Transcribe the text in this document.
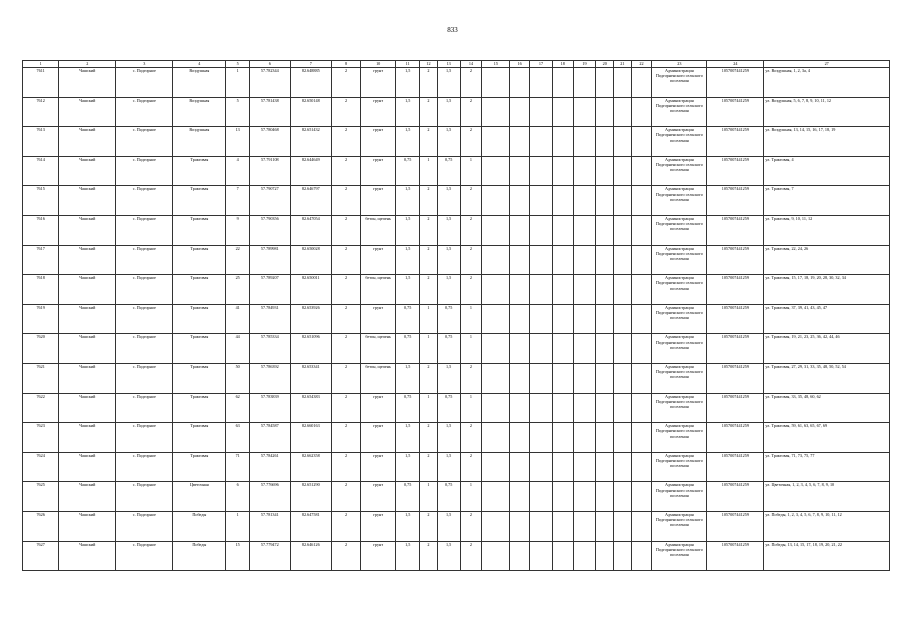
833
1	2	3	4	5	6	7	8	10	11	12	13	14	15	16	17	18	19	20	21	22	23	24	27
7611	Чашский	с. Подгорное	Воздушная	1	57.782344	82.648885	2	грунт	1,5	2	1,5	2									Администрация Подгорненского сельского поселения	1057007441259	ул. Воздушная, 1, 2, 3а, 4
7612	Чашский	с. Подгорное	Воздушная	5	57.781438	82.650148	2	грунт	1,5	2	1,5	2									Администрация Подгорненского сельского поселения	1057007441259	ул. Воздушная, 5, 6, 7, 8, 9, 10, 11, 12
7613	Чашский	с. Подгорное	Воздушная	13	57.780468	82.651432	2	грунт	1,5	2	1,5	2									Администрация Подгорненского сельского поселения	1057007441259	ул. Воздушная, 13, 14, 15, 16, 17, 18, 19
7614	Чашский	с. Подгорное	Трактовая	4	57.791108	82.644649	2	грунт	0,75	1	0,75	1									Администрация Подгорненского сельского поселения	1057007441259	ул. Трактовая, 4
7615	Чашский	с. Подгорное	Трактовая	7	57.790727	82.646797	2	грунт	1,5	2	1,5	2									Администрация Подгорненского сельского поселения	1057007441259	ул. Трактовая, 7
7616	Чашский	с. Подгорное	Трактовая	9	57.790356	82.647054	2	бетон, щепень	1,5	2	1,5	2									Администрация Подгорненского сельского поселения	1057007441259	ул. Трактовая, 9, 10, 11, 12
7617	Чашский	с. Подгорное	Трактовая	22	57.789981	82.650028	2	грунт	1,5	2	1,5	2									Администрация Подгорненского сельского поселения	1057007441259	ул. Трактовая, 22, 24, 26
7618	Чашский	с. Подгорное	Трактовая	25	57.789207	82.650011	2	бетон, щепень	1,5	2	1,5	2									Администрация Подгорненского сельского поселения	1057007441259	ул. Трактовая, 15, 17, 18, 19, 20, 28, 30, 32, 34
7619	Чашский	с. Подгорное	Трактовая	41	57.784931	82.653926	2	грунт	0,75	1	0,75	1									Администрация Подгорненского сельского поселения	1057007441259	ул. Трактовая, 37, 39, 41, 43, 45, 47
7620	Чашский	с. Подгорное	Трактовая	44	57.785334	82.651096	2	бетон, щепень	0,75	1	0,75	1									Администрация Подгорненского сельского поселения	1057007441259	ул. Трактовая, 19, 21, 23, 25, 36, 42, 44, 46
7621	Чашский	с. Подгорное	Трактовая	50	57.786392	82.653341	2	бетон, щепень	1,5	2	1,5	2									Администрация Подгорненского сельского поселения	1057007441259	ул. Трактовая, 27, 29, 31, 33, 35, 48, 50, 52, 54
7622	Чашский	с. Подгорное	Трактовая	62	57.783839	82.654383	2	грунт	0,75	1	0,75	1									Администрация Подгорненского сельского поселения	1057007441259	ул. Трактовая, 33, 35, 48, 60, 62
7623	Чашский	с. Подгорное	Трактовая	63	57.784587	82.660163	2	грунт	1,5	2	1,5	2									Администрация Подгорненского сельского поселения	1057007441259	ул. Трактовая, 59, 61, 63, 65, 67, 69
7624	Чашский	с. Подгорное	Трактовая	71	57.784261	82.662358	2	грунт	1,5	2	1,5	2									Администрация Подгорненского сельского поселения	1057007441259	ул. Трактовая, 71, 73, 75, 77
7625	Чашский	с. Подгорное	Цветочная	6	57.776696	82.651290	2	грунт	0,75	1	0,75	1									Администрация Подгорненского сельского поселения	1057007441259	ул. Цветочная, 1, 2, 3, 4, 5, 6, 7, 8, 9, 10
7626	Чашский	с. Подгорное	Победы	1	57.781341	82.647581	2	грунт	1,5	2	1,5	2									Администрация Подгорненского сельского поселения	1057007441259	ул. Победы, 1, 2, 3, 4, 5, 6, 7, 8, 9, 10, 11, 12
7627	Чашский	с. Подгорное	Победы	15	57.779472	82.646126	2	грунт	1,5	2	1,5	2									Администрация Подгорненского сельского поселения	1057007441259	ул. Победы, 13, 14, 15, 17, 18, 19, 20, 21, 22
